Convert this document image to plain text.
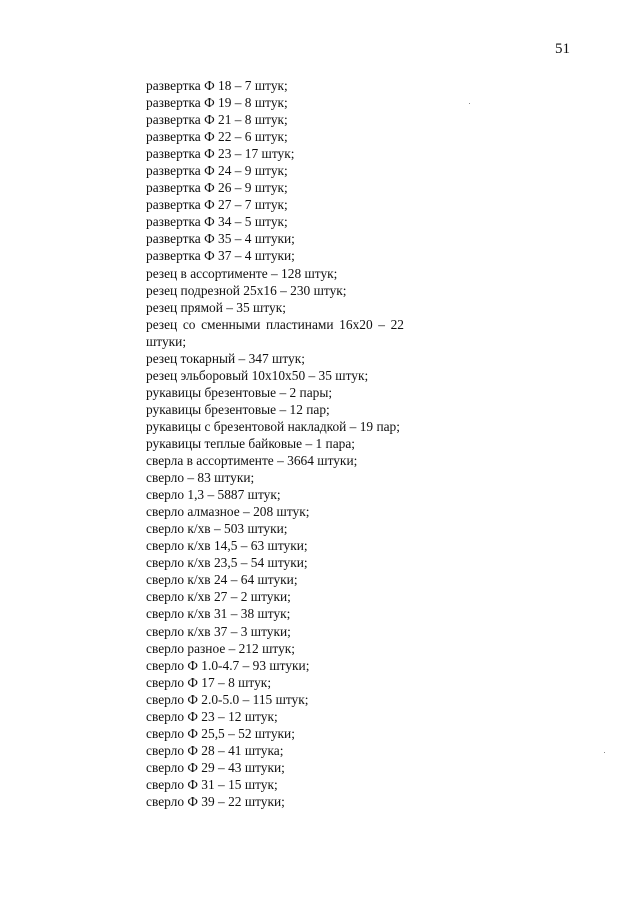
51
развертка Ф 18 – 7 штук;
развертка Ф 19 – 8 штук;
развертка Ф 21 – 8 штук;
развертка Ф 22 – 6 штук;
развертка Ф 23 – 17 штук;
развертка Ф 24 – 9 штук;
развертка Ф 26 – 9 штук;
развертка Ф 27 – 7 штук;
развертка Ф 34 – 5 штук;
развертка Ф 35 – 4 штуки;
развертка Ф 37 – 4 штуки;
резец в ассортименте – 128 штук;
резец подрезной 25х16 – 230 штук;
резец прямой – 35 штук;
резец со сменными пластинами 16х20 – 22 штуки;
резец токарный – 347 штук;
резец эльборовый 10х10х50 – 35 штук;
рукавицы брезентовые – 2 пары;
рукавицы брезентовые – 12 пар;
рукавицы с брезентовой накладкой – 19 пар;
рукавицы теплые байковые – 1 пара;
сверла в ассортименте – 3664 штуки;
сверло – 83 штуки;
сверло 1,3 – 5887 штук;
сверло алмазное – 208 штук;
сверло к/хв – 503 штуки;
сверло к/хв 14,5 – 63 штуки;
сверло к/хв 23,5 – 54 штуки;
сверло к/хв 24 – 64 штуки;
сверло к/хв 27 – 2 штуки;
сверло к/хв 31 – 38 штук;
сверло к/хв 37 – 3 штуки;
сверло разное – 212 штук;
сверло Ф 1.0-4.7 – 93 штуки;
сверло Ф 17 – 8 штук;
сверло Ф 2.0-5.0 – 115 штук;
сверло Ф 23 – 12 штук;
сверло Ф 25,5 – 52 штуки;
сверло Ф 28 – 41 штука;
сверло Ф 29 – 43 штуки;
сверло Ф 31 – 15 штук;
сверло Ф 39 – 22 штуки;
